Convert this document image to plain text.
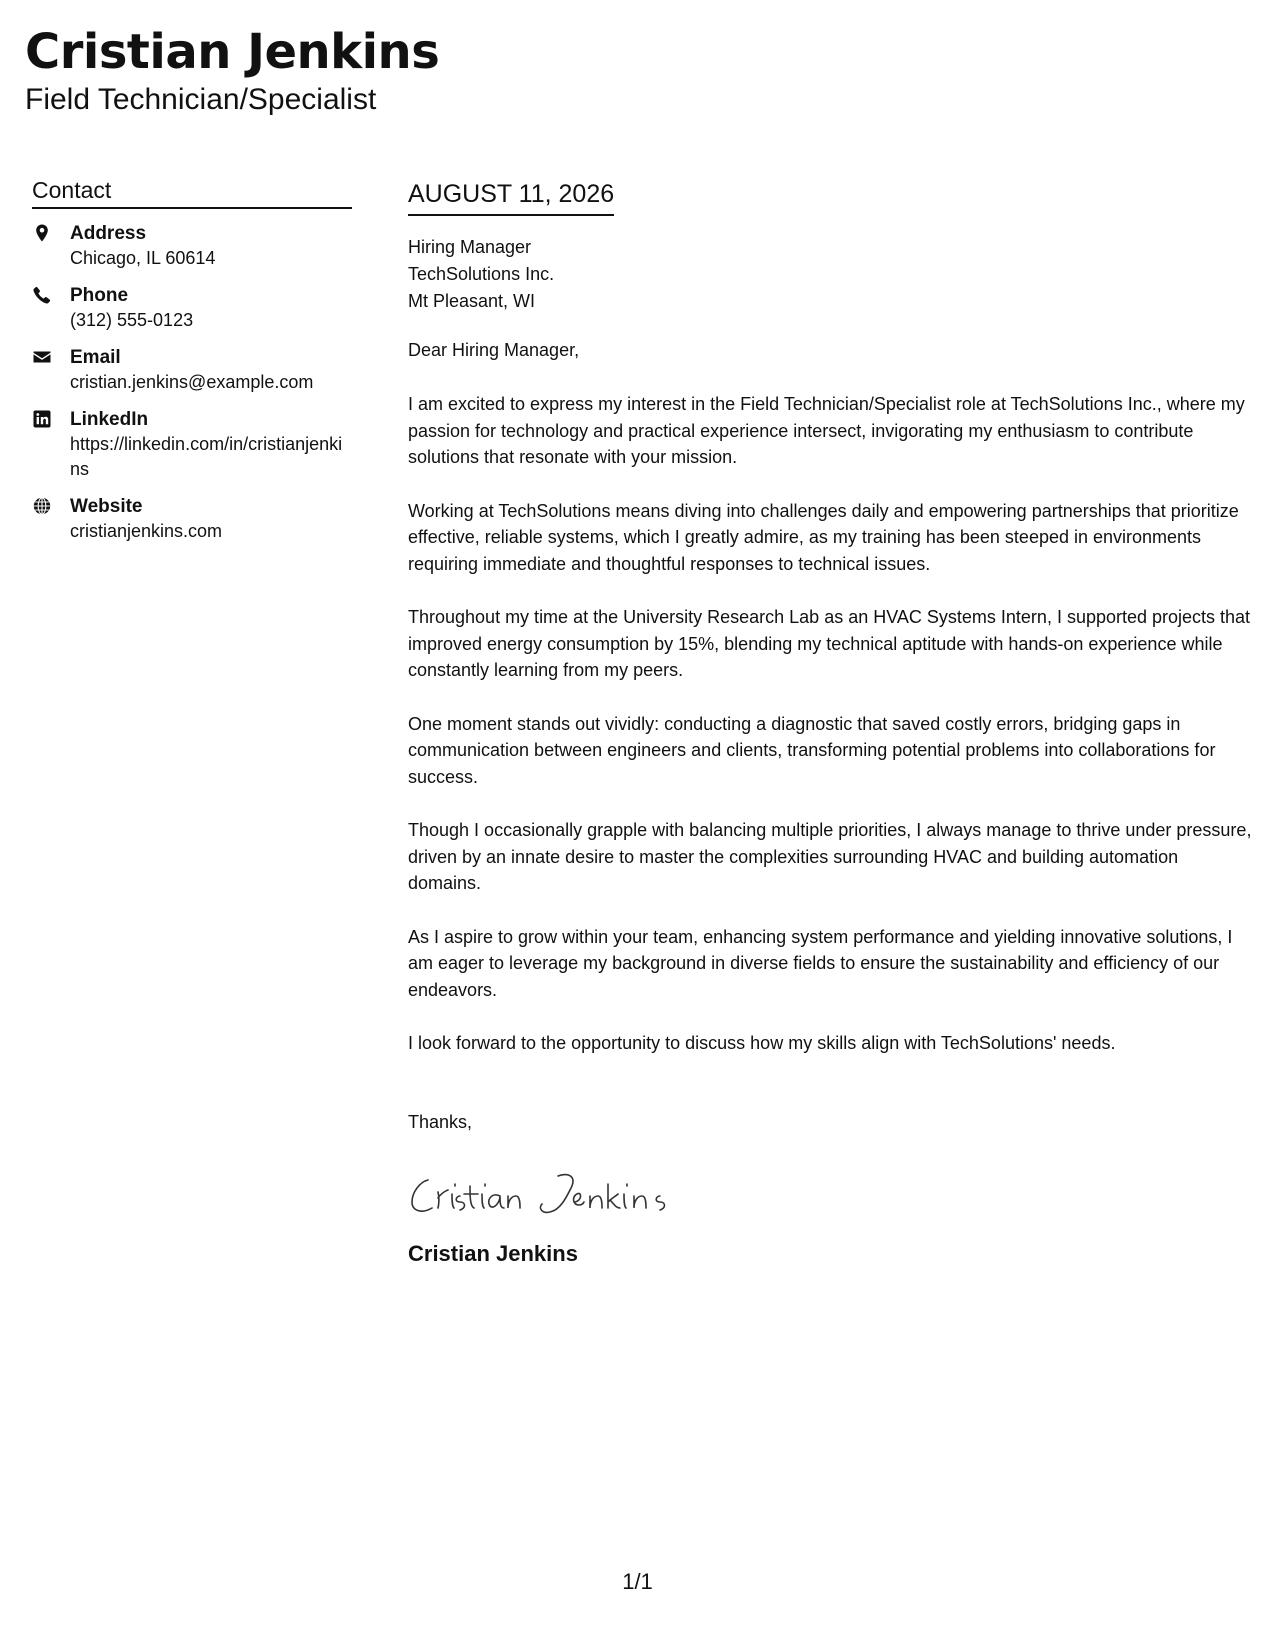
Cristian Jenkins
Field Technician/Specialist
Contact
Address
Chicago, IL 60614
Phone
(312) 555-0123
Email
cristian.jenkins@example.com
LinkedIn
https://linkedin.com/in/cristianjenkins
Website
cristianjenkins.com
AUGUST 11, 2026
Hiring Manager
TechSolutions Inc.
Mt Pleasant, WI
Dear Hiring Manager,

I am excited to express my interest in the Field Technician/Specialist role at TechSolutions Inc., where my passion for technology and practical experience intersect, invigorating my enthusiasm to contribute solutions that resonate with your mission.

Working at TechSolutions means diving into challenges daily and empowering partnerships that prioritize effective, reliable systems, which I greatly admire, as my training has been steeped in environments requiring immediate and thoughtful responses to technical issues.

Throughout my time at the University Research Lab as an HVAC Systems Intern, I supported projects that improved energy consumption by 15%, blending my technical aptitude with hands-on experience while constantly learning from my peers.

One moment stands out vividly: conducting a diagnostic that saved costly errors, bridging gaps in communication between engineers and clients, transforming potential problems into collaborations for success.

Though I occasionally grapple with balancing multiple priorities, I always manage to thrive under pressure, driven by an innate desire to master the complexities surrounding HVAC and building automation domains.

As I aspire to grow within your team, enhancing system performance and yielding innovative solutions, I am eager to leverage my background in diverse fields to ensure the sustainability and efficiency of our endeavors.

I look forward to the opportunity to discuss how my skills align with TechSolutions' needs.

Thanks,
Cristian Jenkins
1/1
